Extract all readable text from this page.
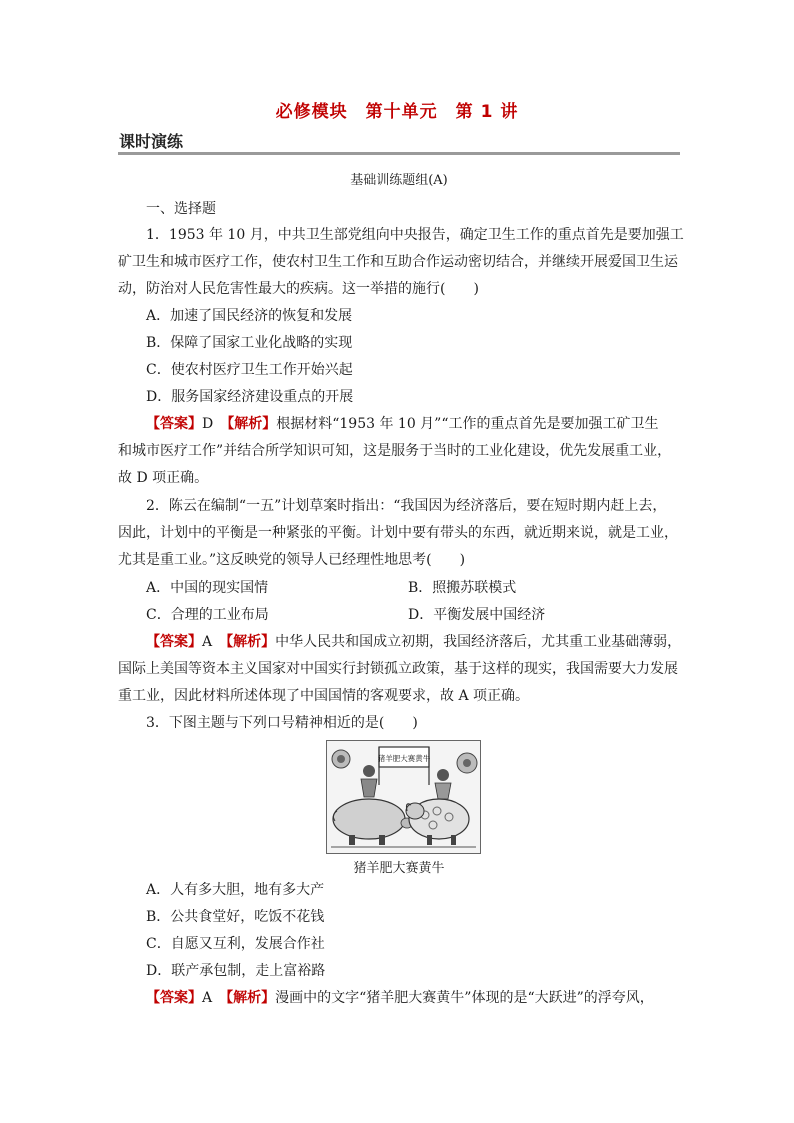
必修模块　第十单元　第 1 讲
课时演练
基础训练题组(A)
一、选择题
1．1953 年 10 月，中共卫生部党组向中央报告，确定卫生工作的重点首先是要加强工
矿卫生和城市医疗工作，使农村卫生工作和互助合作运动密切结合，并继续开展爱国卫生运
动，防治对人民危害性最大的疾病。这一举措的施行(　　)
A．加速了国民经济的恢复和发展
B．保障了国家工业化战略的实现
C．使农村医疗卫生工作开始兴起
D．服务国家经济建设重点的开展
【答案】D　 【解析】根据材料“1953 年 10 月”“工作的重点首先是要加强工矿卫生
和城市医疗工作”并结合所学知识可知，这是服务于当时的工业化建设，优先发展重工业，
故 D 项正确。
2．陈云在编制“一五”计划草案时指出：“我国因为经济落后，要在短时期内赶上去，
因此，计划中的平衡是一种紧张的平衡。计划中要有带头的东西，就近期来说，就是工业，
尤其是重工业。”这反映党的领导人已经理性地思考(　　)
A．中国的现实国情	B．照搬苏联模式
C．合理的工业布局	D．平衡发展中国经济
【答案】A　 【解析】中华人民共和国成立初期，我国经济落后，尤其重工业基础薄弱，
国际上美国等资本主义国家对中国实行封锁孤立政策，基于这样的现实，我国需要大力发展
重工业，因此材料所述体现了中国国情的客观要求，故 A 项正确。
3．下图主题与下列口号精神相近的是(　　)
猪羊肥大赛黄牛
猪羊肥大赛黄牛
A．人有多大胆，地有多大产
B．公共食堂好，吃饭不花钱
C．自愿又互利，发展合作社
D．联产承包制，走上富裕路
【答案】A　 【解析】漫画中的文字“猪羊肥大赛黄牛”体现的是“大跃进”的浮夸风，
